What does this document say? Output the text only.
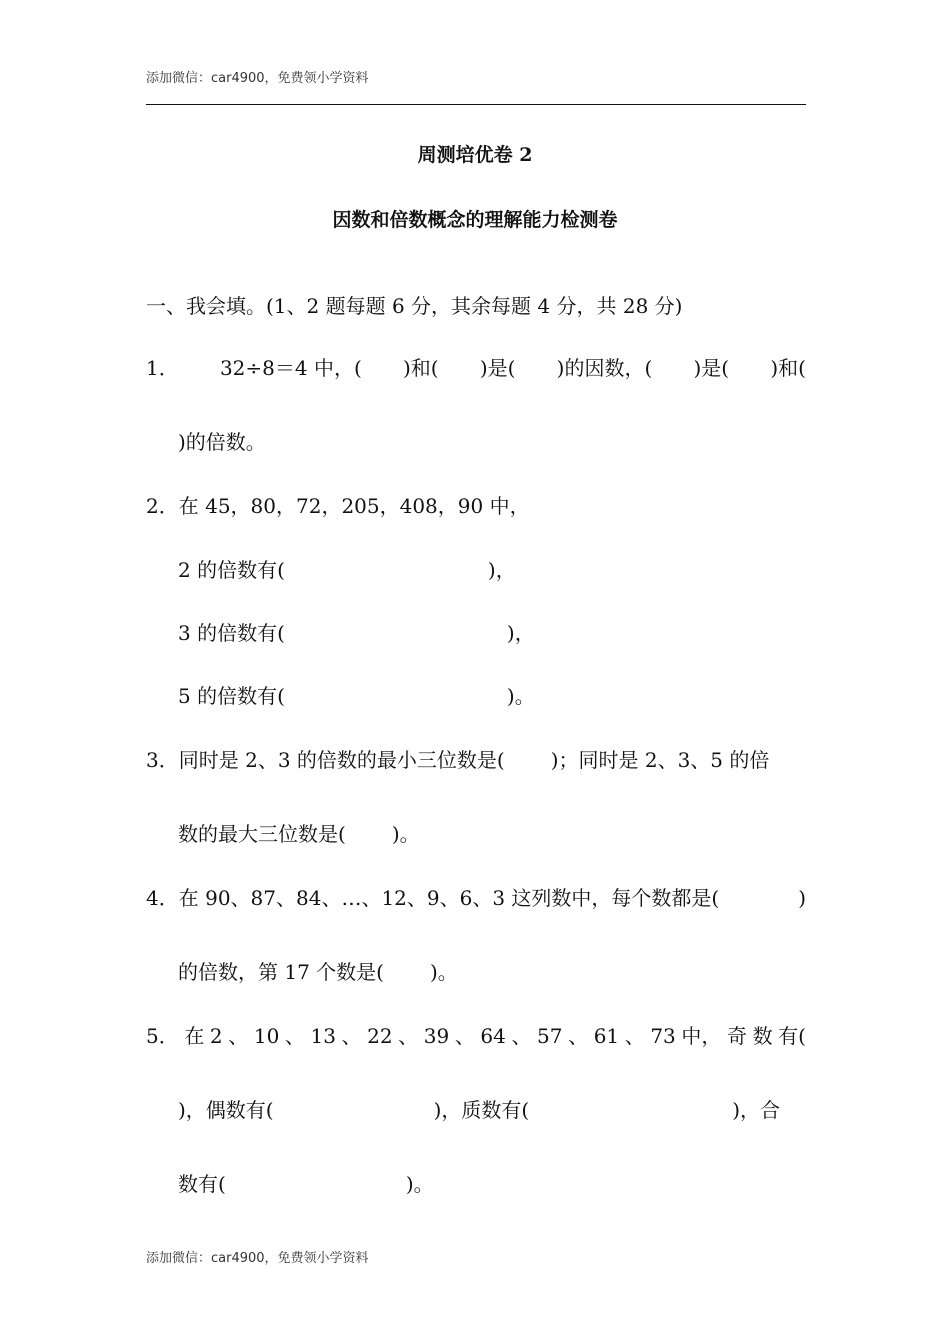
添加微信：car4900，免费领小学资料
周测培优卷 2
因数和倍数概念的理解能力检测卷
一、我会填。(1、2 题每题 6 分，其余每题 4 分，共 28 分)
1． 32÷8＝4 中，( )和( )是( )的因数，( )是( )和(
)的倍数。
2．在 45，80，72，205，408，90 中，
2 的倍数有(	)，
3 的倍数有(	)，
5 的倍数有(	)。
3．同时是 2、3 的倍数的最小三位数是( )；同时是 2、3、5 的倍
数的最大三位数是( )。
4．在 90、87、84、…、12、9、6、3 这列数中，每个数都是(	)
的倍数，第 17 个数是( )。
5． 在 2 、 10 、 13 、 22 、 39 、 64 、 57 、 61 、 73 中， 奇 数 有(
)，偶数有(	)，质数有(	)，合
数有(	)。
添加微信：car4900，免费领小学资料
